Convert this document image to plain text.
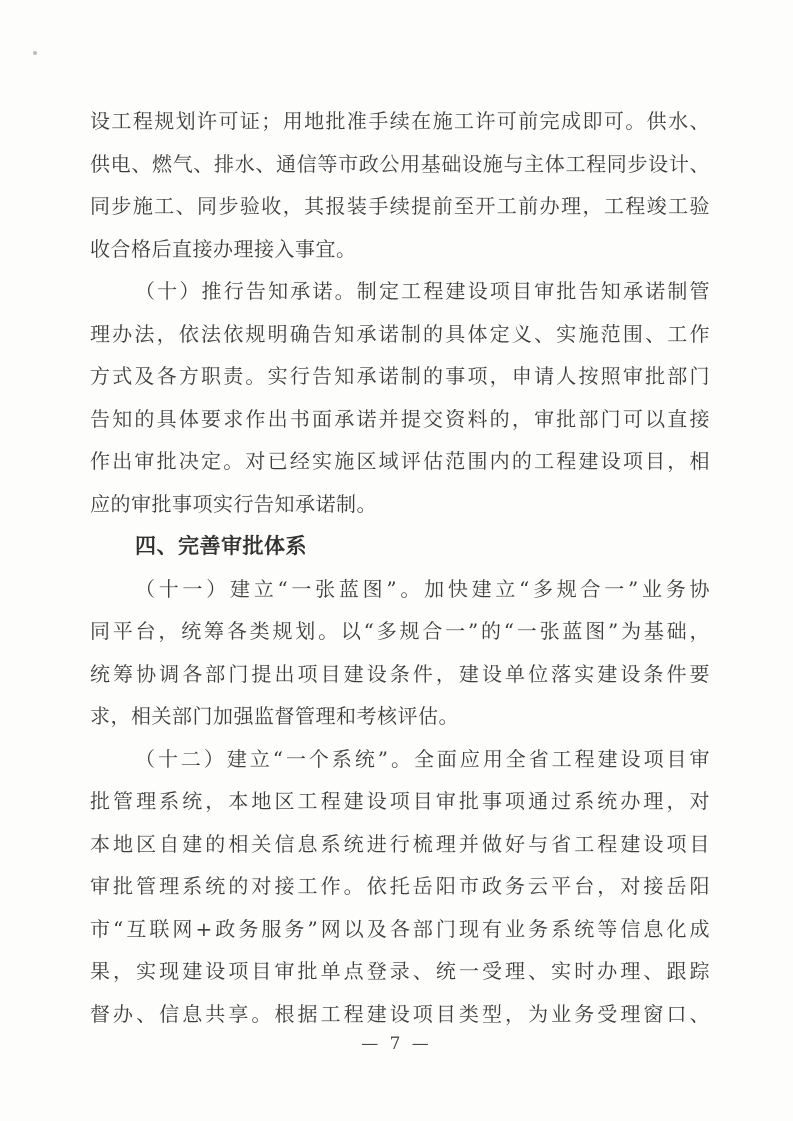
设工程规划许可证；用地批准手续在施工许可前完成即可。供水、
供电、燃气、排水、通信等市政公用基础设施与主体工程同步设计、
同步施工、同步验收，其报装手续提前至开工前办理，工程竣工验
收合格后直接办理接入事宜。
（十）推行告知承诺。制定工程建设项目审批告知承诺制管
理办法，依法依规明确告知承诺制的具体定义、实施范围、工作
方式及各方职责。实行告知承诺制的事项，申请人按照审批部门
告知的具体要求作出书面承诺并提交资料的，审批部门可以直接
作出审批决定。对已经实施区域评估范围内的工程建设项目，相
应的审批事项实行告知承诺制。
四、完善审批体系
（十一）建立“一张蓝图”。加快建立“多规合一”业务协
同平台，统筹各类规划。以“多规合一”的“一张蓝图”为基础，
统筹协调各部门提出项目建设条件，建设单位落实建设条件要
求，相关部门加强监督管理和考核评估。
（十二）建立“一个系统”。全面应用全省工程建设项目审
批管理系统，本地区工程建设项目审批事项通过系统办理，对
本地区自建的相关信息系统进行梳理并做好与省工程建设项目
审批管理系统的对接工作。依托岳阳市政务云平台，对接岳阳
市“互联网+政务服务”网以及各部门现有业务系统等信息化成
果，实现建设项目审批单点登录、统一受理、实时办理、跟踪
督办、信息共享。根据工程建设项目类型，为业务受理窗口、
— 7 —
